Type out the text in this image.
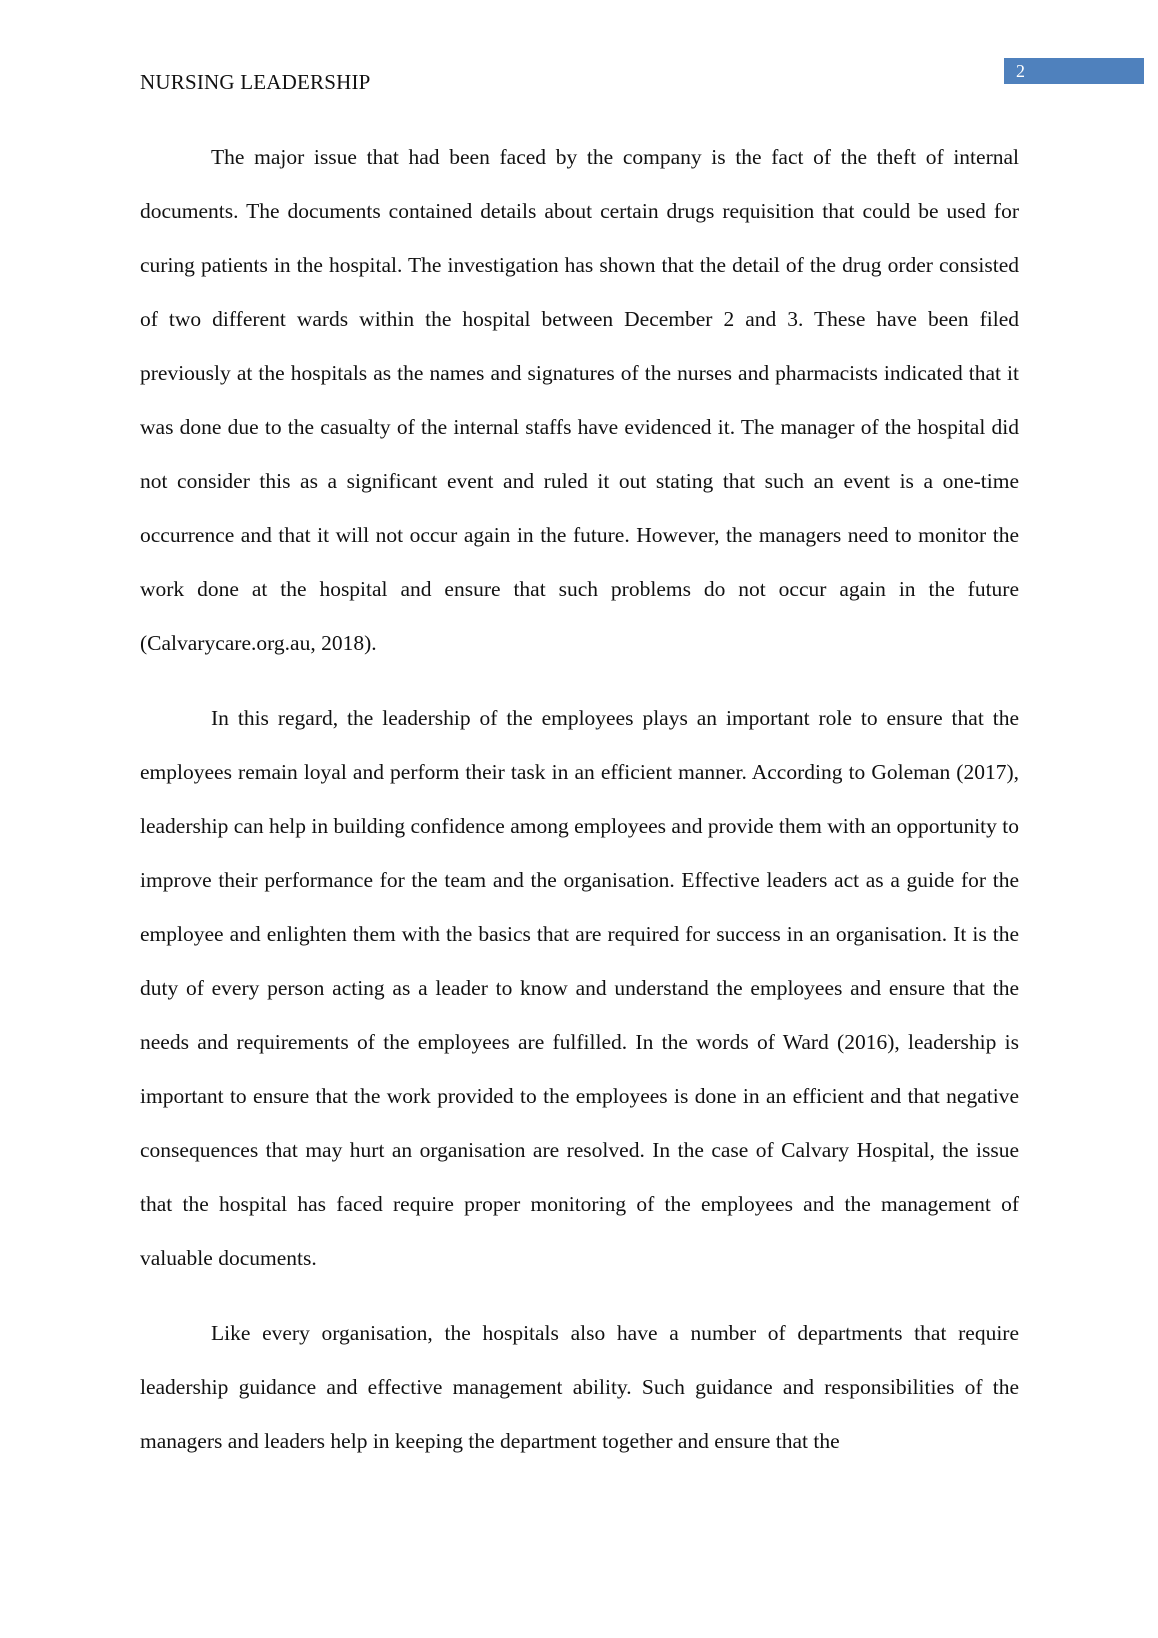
2
NURSING LEADERSHIP

The major issue that had been faced by the company is the fact of the theft of internal documents. The documents contained details about certain drugs requisition that could be used for curing patients in the hospital. The investigation has shown that the detail of the drug order consisted of two different wards within the hospital between December 2 and 3. These have been filed previously at the hospitals as the names and signatures of the nurses and pharmacists indicated that it was done due to the casualty of the internal staffs have evidenced it. The manager of the hospital did not consider this as a significant event and ruled it out stating that such an event is a one-time occurrence and that it will not occur again in the future. However, the managers need to monitor the work done at the hospital and ensure that such problems do not occur again in the future (Calvarycare.org.au, 2018).

In this regard, the leadership of the employees plays an important role to ensure that the employees remain loyal and perform their task in an efficient manner. According to Goleman (2017), leadership can help in building confidence among employees and provide them with an opportunity to improve their performance for the team and the organisation. Effective leaders act as a guide for the employee and enlighten them with the basics that are required for success in an organisation. It is the duty of every person acting as a leader to know and understand the employees and ensure that the needs and requirements of the employees are fulfilled. In the words of Ward (2016), leadership is important to ensure that the work provided to the employees is done in an efficient and that negative consequences that may hurt an organisation are resolved. In the case of Calvary Hospital, the issue that the hospital has faced require proper monitoring of the employees and the management of valuable documents.

Like every organisation, the hospitals also have a number of departments that require leadership guidance and effective management ability. Such guidance and responsibilities of the managers and leaders help in keeping the department together and ensure that the
